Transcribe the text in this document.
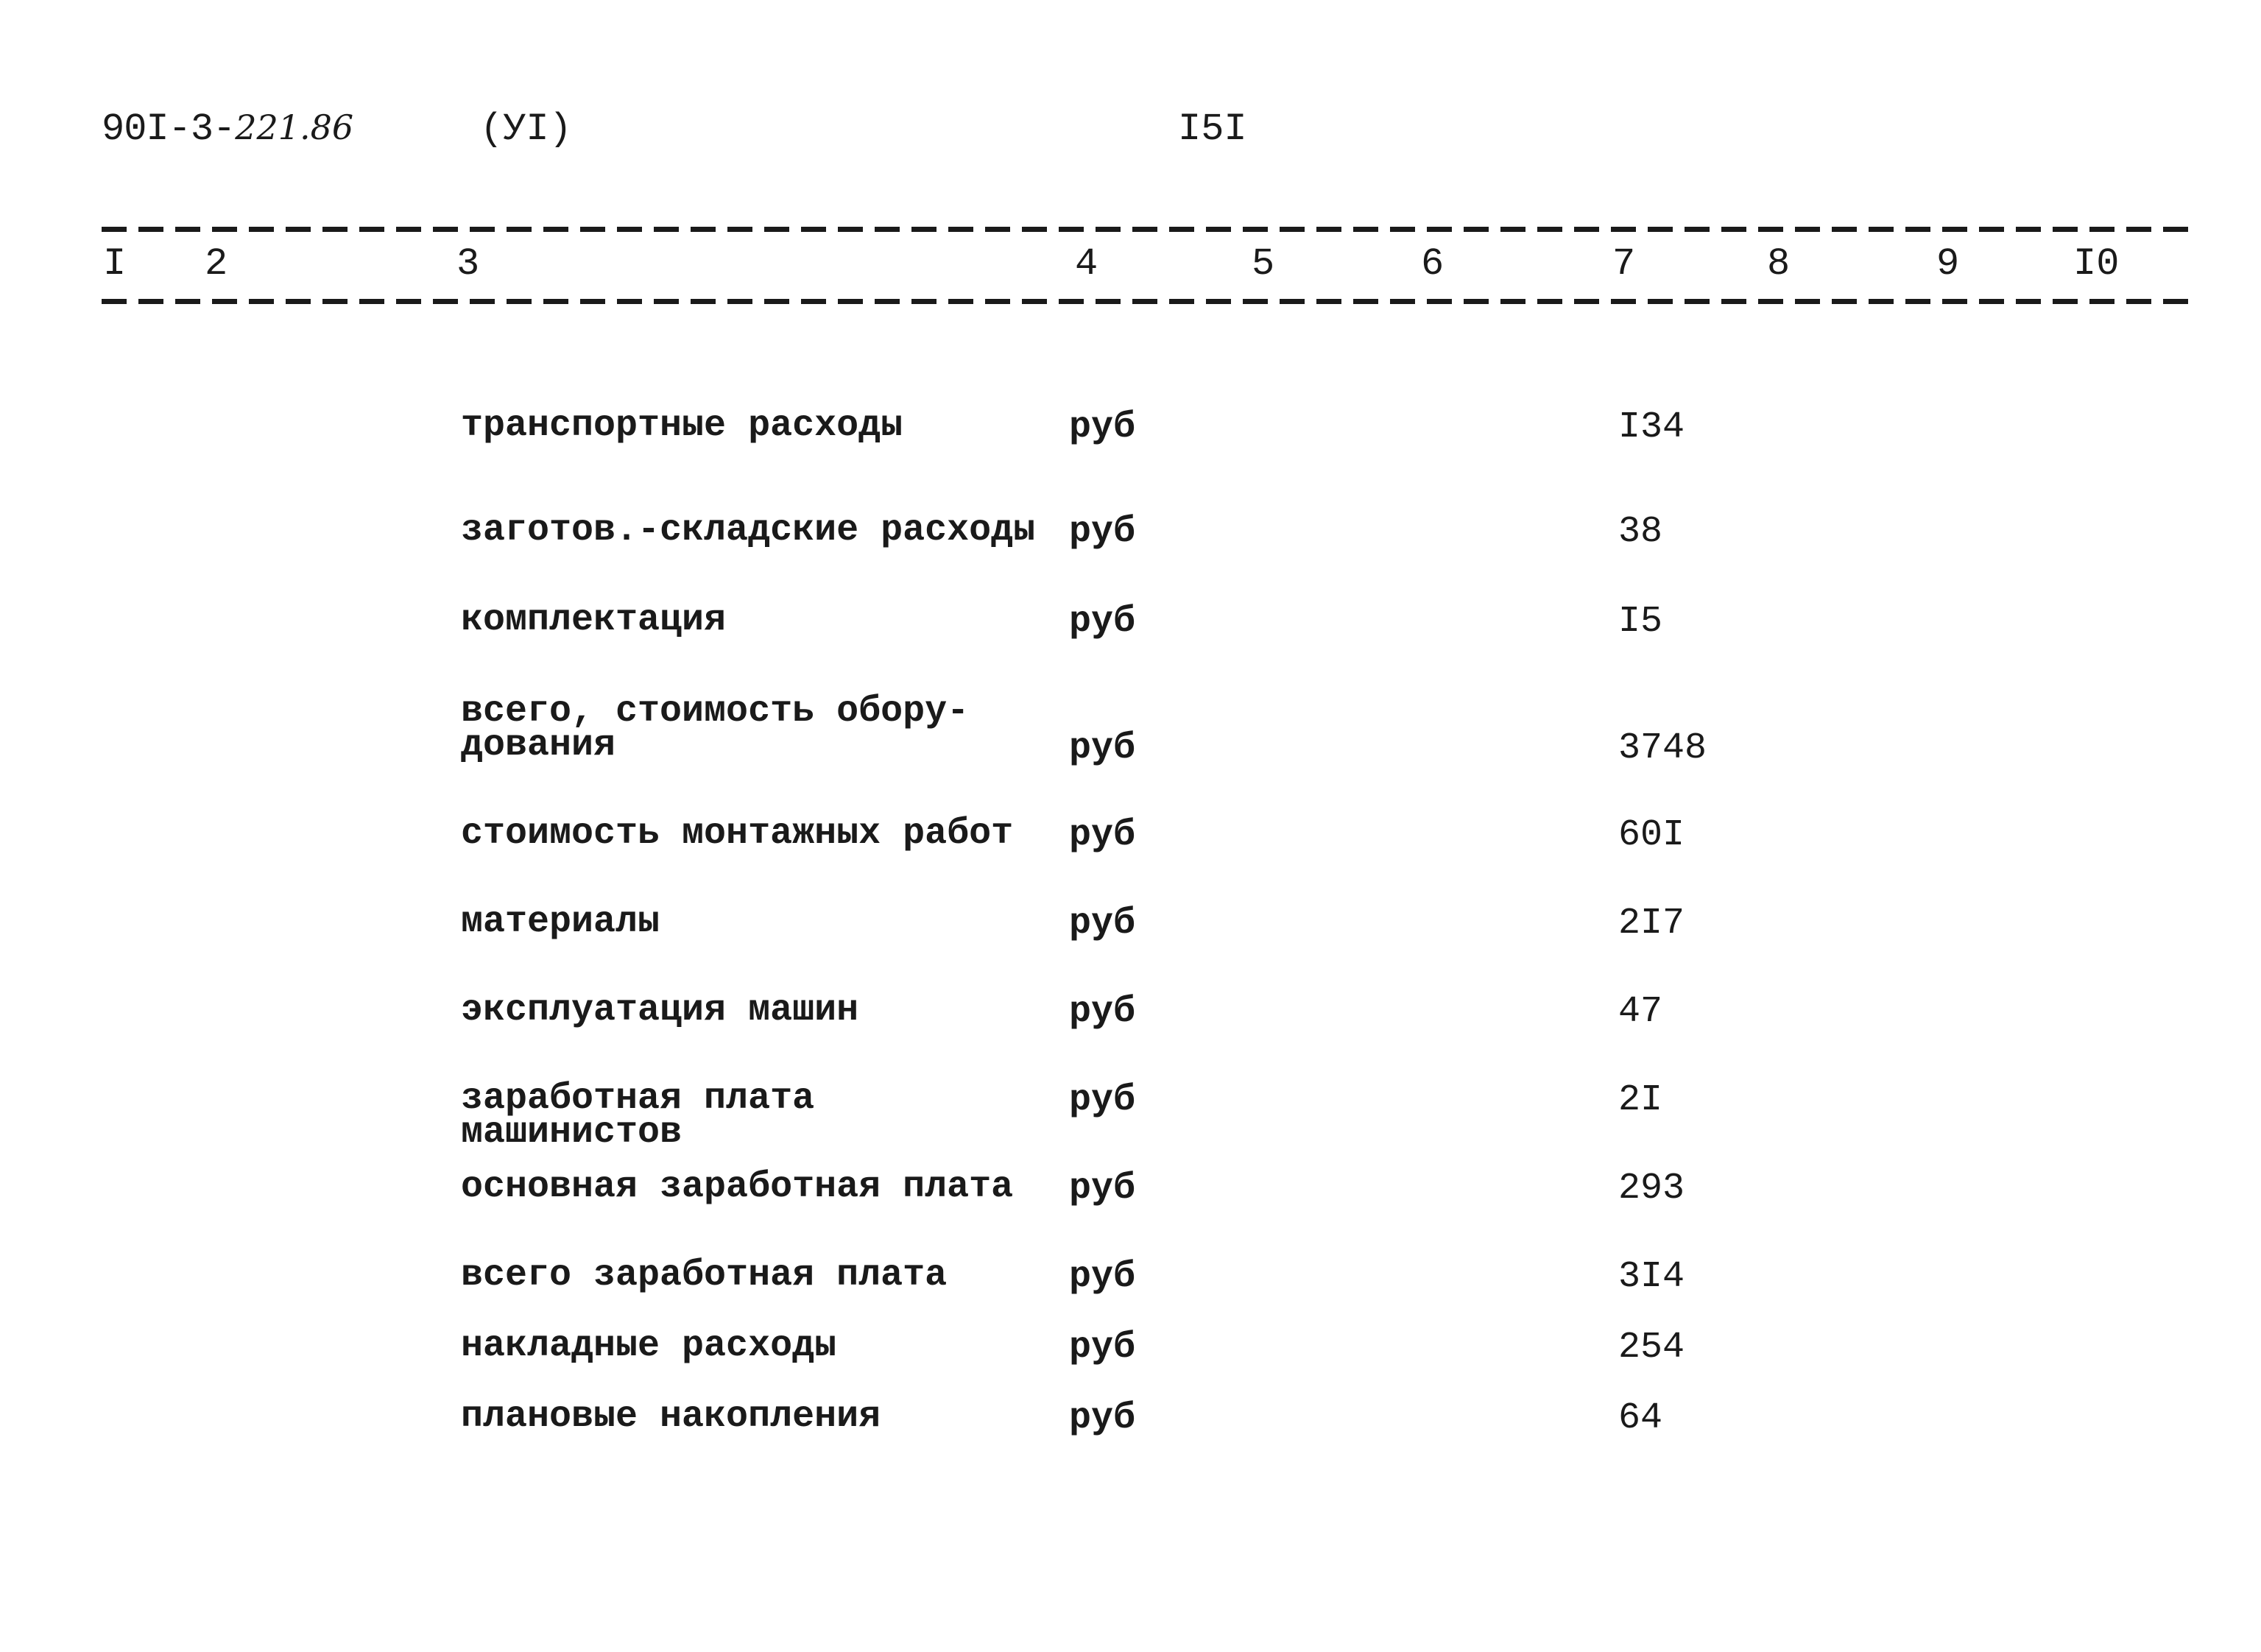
90I-3-221.86	(УI)	I5I
I 2	3	4	5	6	7	8	9	I0
транспортные расходы	руб	I34
заготов.-складские расходы руб	38
комплектация	руб	I5
всего, стоимость обору-
дования	руб	3748
стоимость монтажных работ	руб	60I
материалы	руб	2I7
эксплуатация машин	руб	47
заработная плата машинистов
руб	2I
основная заработная плата	руб	293
всего заработная плата	руб	3I4
накладные расходы	руб	254
плановые накопления	руб	64
